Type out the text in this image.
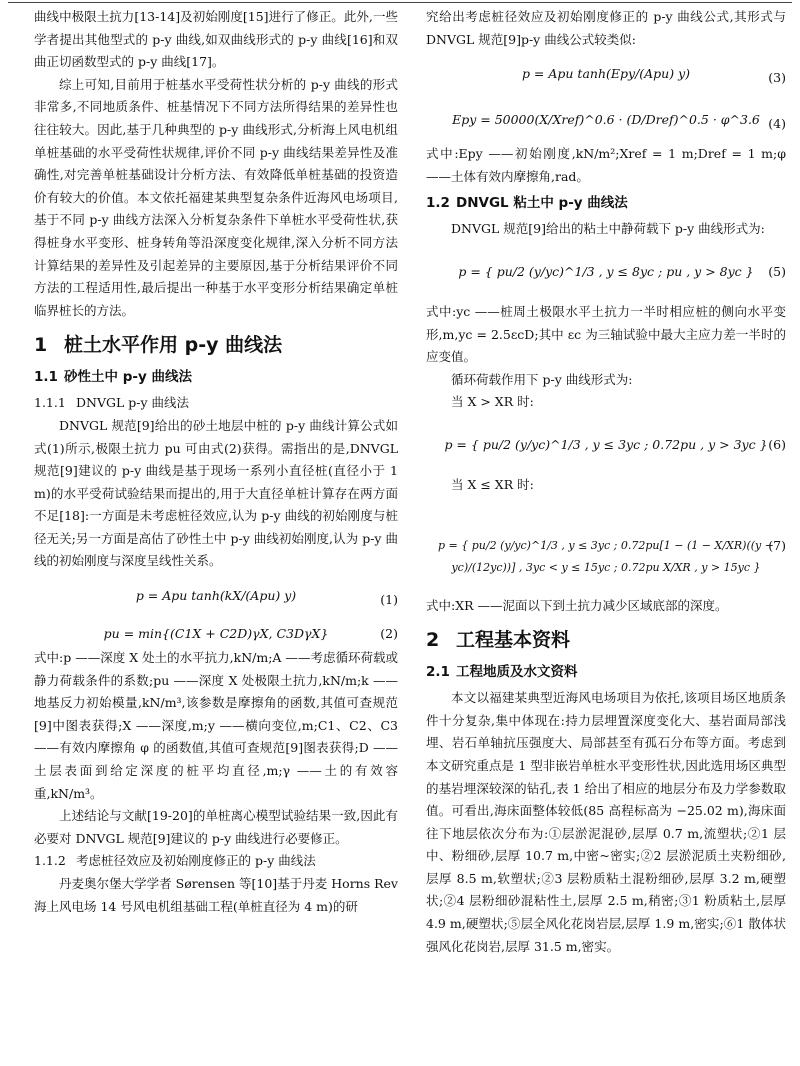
曲线中极限土抗力[13-14]及初始刚度[15]进行了修正。此外,一些学者提出其他型式的 p-y 曲线,如双曲线形式的 p-y 曲线[16]和双曲正切函数型式的 p-y 曲线[17]。

综上可知,目前用于桩基水平受荷性状分析的 p-y 曲线的形式非常多,不同地质条件、桩基情况下不同方法所得结果的差异性也往往较大。因此,基于几种典型的 p-y 曲线形式,分析海上风电机组单桩基础的水平受荷性状规律,评价不同 p-y 曲线结果差异性及准确性,对完善单桩基础设计分析方法、有效降低单桩基础的投资造价有较大的价值。本文依托福建某典型复杂条件近海风电场项目,基于不同 p-y 曲线方法深入分析复杂条件下单桩水平受荷性状,获得桩身水平变形、桩身转角等沿深度变化规律,深入分析不同方法计算结果的差异性及引起差异的主要原因,基于分析结果评价不同方法的工程适用性,最后提出一种基于水平变形分析结果确定单桩临界桩长的方法。

1 桩土水平作用 p-y 曲线法
1.1 砂性土中 p-y 曲线法
1.1.1 DNVGL p-y 曲线法

DNVGL 规范[9]给出的砂土地层中桩的 p-y 曲线计算公式如式(1)所示,极限土抗力 pu 可由式(2)获得。需指出的是,DNVGL 规范[9]建议的 p-y 曲线是基于现场一系列小直径桩(直径小于 1 m)的水平受荷试验结果而提出的,用于大直径单桩计算存在两方面不足[18]:一方面是未考虑桩径效应,认为 p-y 曲线的初始刚度与桩径无关;另一方面是高估了砂性土中 p-y 曲线初始刚度,认为 p-y 曲线的初始刚度与深度呈线性关系。

p = Apu tanh(kX/(Apu) y)	(1)
pu = min{(C1X + C2D)γX, C3DγX}	(2)

式中:p ——深度 X 处土的水平抗力,kN/m;A ——考虑循环荷载或静力荷载条件的系数;pu ——深度 X 处极限土抗力,kN/m;k ——地基反力初始模量,kN/m³,该参数是摩擦角的函数,其值可查规范[9]中图表获得;X ——深度,m;y ——横向变位,m;C1、C2、C3 ——有效内摩擦角 φ 的函数值,其值可查规范[9]图表获得;D ——土层表面到给定深度的桩平均直径,m;γ ——土的有效容重,kN/m³。

上述结论与文献[19-20]的单桩离心模型试验结果一致,因此有必要对 DNVGL 规范[9]建议的 p-y 曲线进行必要修正。

1.1.2 考虑桩径效应及初始刚度修正的 p-y 曲线法

丹麦奥尔堡大学学者 Sørensen 等[10]基于丹麦 Horns Rev 海上风电场 14 号风电机组基础工程(单桩直径为 4 m)的研

究给出考虑桩径效应及初始刚度修正的 p-y 曲线公式,其形式与 DNVGL 规范[9]p-y 曲线公式较类似:

p = Apu tanh(Epy/(Apu) y)	(3)
Epy = 50000(X/Xref)^0.6 · (D/Dref)^0.5 · φ^3.6 (4)

式中:Epy ——初始刚度,kN/m²;Xref = 1 m;Dref = 1 m;φ ——土体有效内摩擦角,rad。

1.2 DNVGL 粘土中 p-y 曲线法

DNVGL 规范[9]给出的粘土中静荷载下 p-y 曲线形式为:

p = { pu/2 (y/yc)^1/3 , y ≤ 8yc ; pu , y > 8yc } (5)

式中:yc ——桩周土极限水平土抗力一半时相应桩的侧向水平变形,m,yc = 2.5εcD;其中 εc 为三轴试验中最大主应力差一半时的应变值。

循环荷载作用下 p-y 曲线形式为:

当 X > XR 时:

p = { pu/2 (y/yc)^1/3 , y ≤ 3yc ; 0.72pu , y > 3yc } (6)

当 X ≤ XR 时:

p = { pu/2 (y/yc)^1/3 , y ≤ 3yc ; 0.72pu[1 − (1 − X/XR)((y − yc)/(12yc))] , 3yc < y ≤ 15yc ; 0.72pu X/XR , y > 15yc }
(7)

式中:XR ——泥面以下到土抗力减少区域底部的深度。

2 工程基本资料
2.1 工程地质及水文资料

本文以福建某典型近海风电场项目为依托,该项目场区地质条件十分复杂,集中体现在:持力层埋置深度变化大、基岩面局部浅埋、岩石单轴抗压强度大、局部甚至有孤石分布等方面。考虑到本文研究重点是 1 型非嵌岩单桩水平变形性状,因此选用场区典型的基岩埋深较深的钻孔,表 1 给出了相应的地层分布及力学参数取值。可看出,海床面整体较低(85 高程标高为 −25.02 m),海床面往下地层依次分布为:①层淤泥混砂,层厚 0.7 m,流塑状;②1 层中、粉细砂,层厚 10.7 m,中密~密实;②2 层淤泥质土夹粉细砂,层厚 8.5 m,软塑状;②3 层粉质粘土混粉细砂,层厚 3.2 m,硬塑状;②4 层粉细砂混粘性土,层厚 2.5 m,稍密;③1 粉质粘土,层厚 4.9 m,硬塑状;⑤层全风化花岗岩层,层厚 1.9 m,密实;⑥1 散体状强风化花岗岩,层厚 31.5 m,密实。
